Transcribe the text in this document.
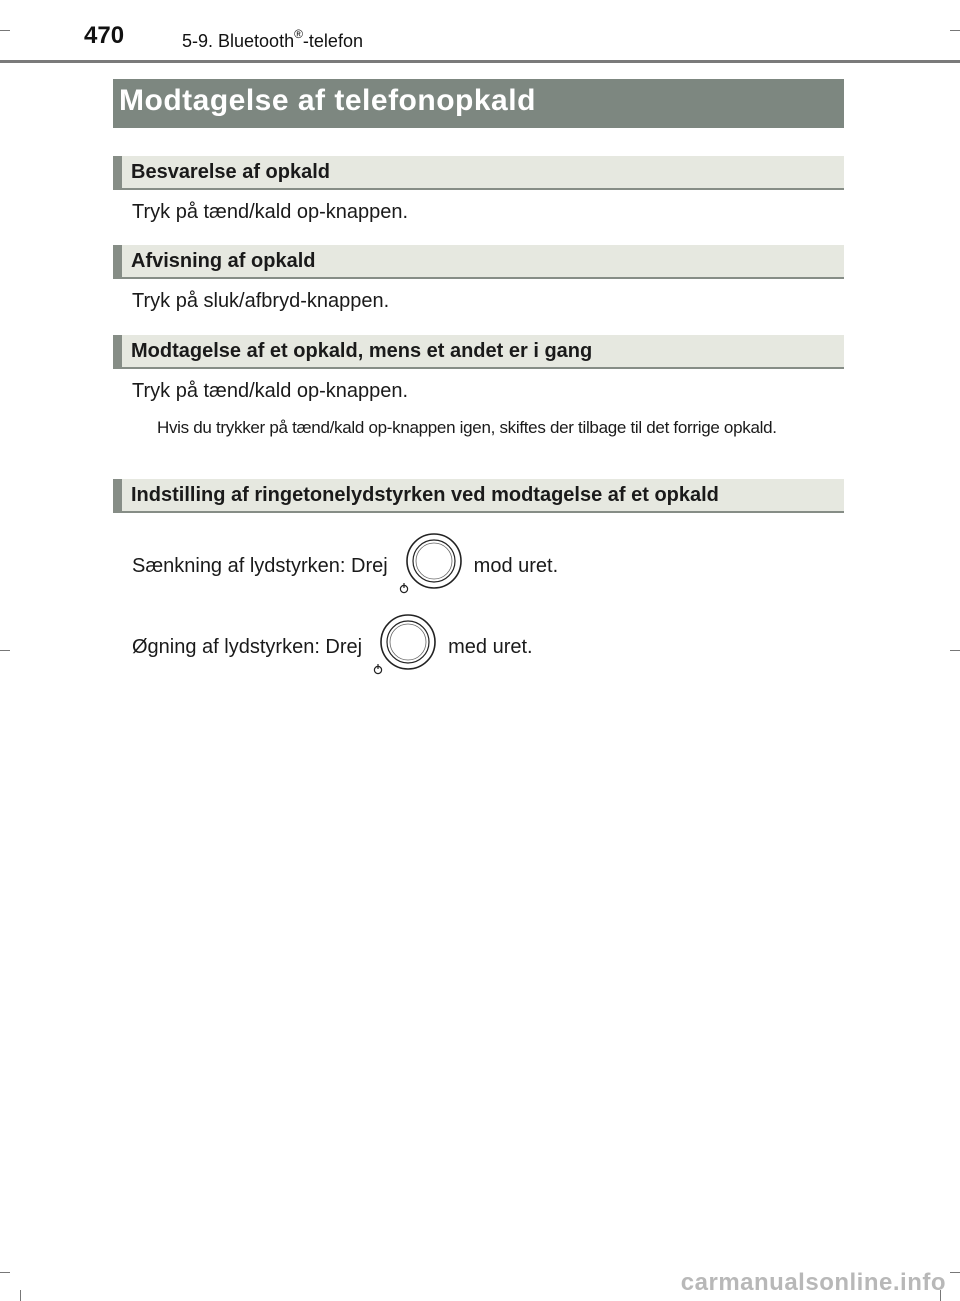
470	5-9. Bluetooth®-telefon
Modtagelse af telefonopkald
Besvarelse af opkald
Tryk på tænd/kald op-knappen.
Afvisning af opkald
Tryk på sluk/afbryd-knappen.
Modtagelse af et opkald, mens et andet er i gang
Tryk på tænd/kald op-knappen.
Hvis du trykker på tænd/kald op-knappen igen, skiftes der tilbage til det forrige opkald.
Indstilling af ringetonelydstyrken ved modtagelse af et opkald
Sænkning af lydstyrken: Drej	mod uret.
Øgning af lydstyrken: Drej	med uret.
carmanualsonline.info
